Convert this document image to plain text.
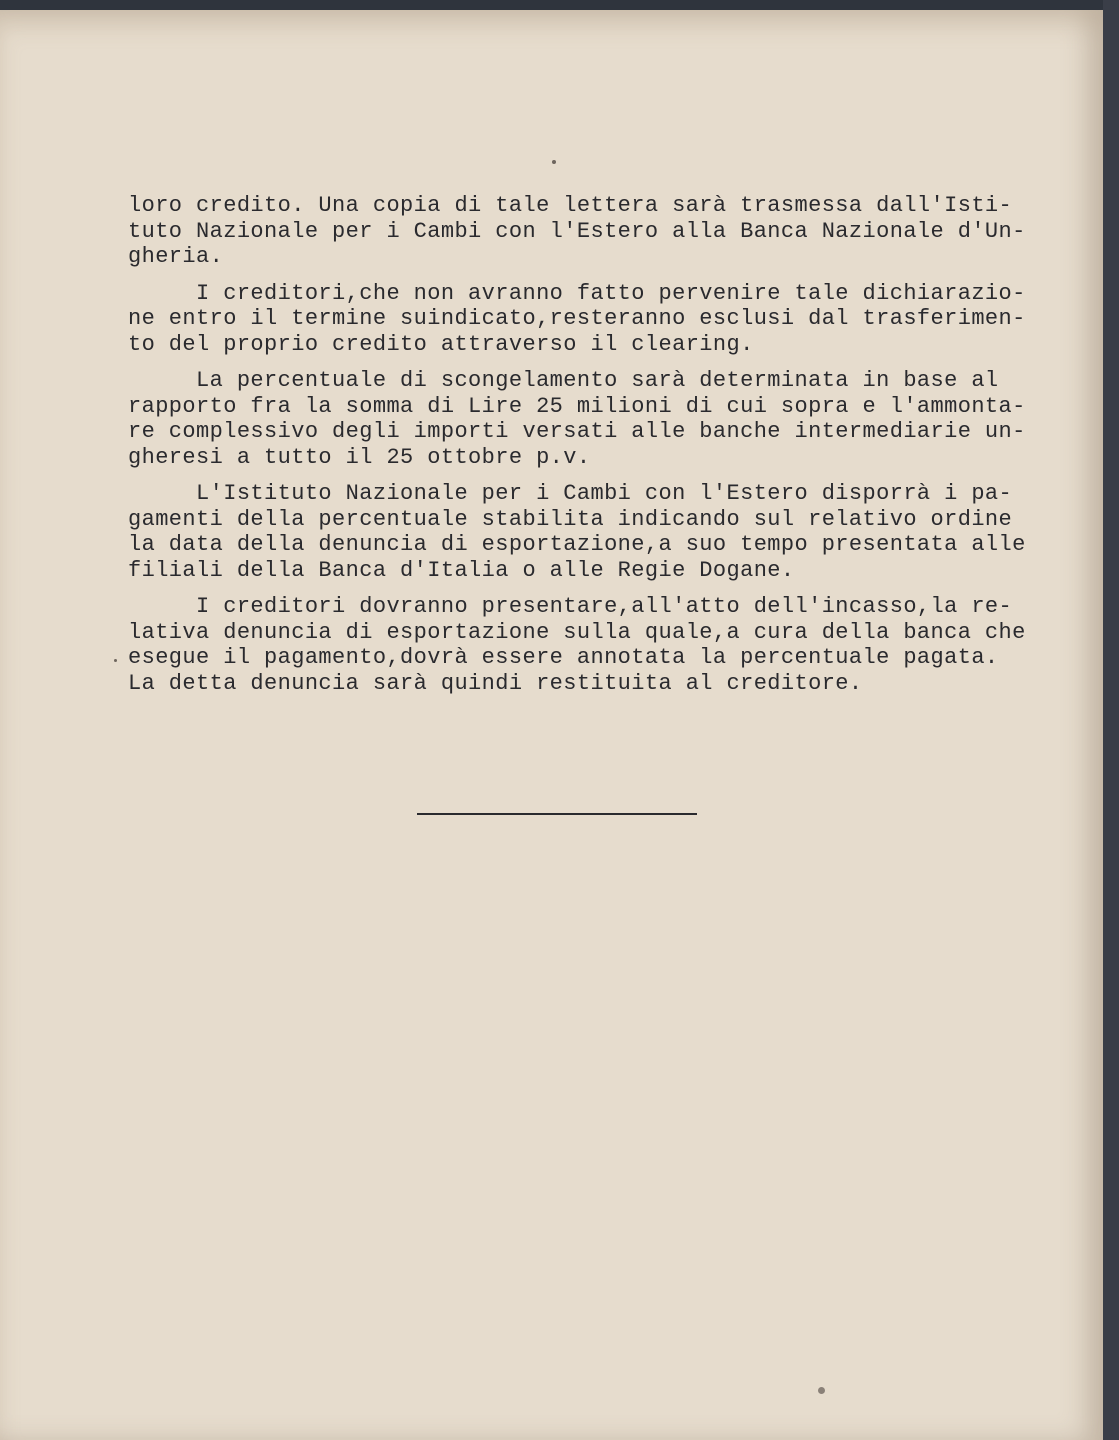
loro credito. Una copia di tale lettera sarà trasmessa dall'Isti-
tuto Nazionale per i Cambi con l'Estero alla Banca Nazionale d'Un-
gheria.
I creditori,che non avranno fatto pervenire tale dichiarazio-
ne entro il termine suindicato,resteranno esclusi dal trasferimen-
to del proprio credito attraverso il clearing.
La percentuale di scongelamento sarà determinata in base al
rapporto fra la somma di Lire 25 milioni di cui sopra e l'ammonta-
re complessivo degli importi versati alle banche intermediarie un-
gheresi a tutto il 25 ottobre p.v.
L'Istituto Nazionale per i Cambi con l'Estero disporrà i pa-
gamenti della percentuale stabilita indicando sul relativo ordine
la data della denuncia di esportazione,a suo tempo presentata alle
filiali della Banca d'Italia o alle Regie Dogane.
I creditori dovranno presentare,all'atto dell'incasso,la re-
lativa denuncia di esportazione sulla quale,a cura della banca che
esegue il pagamento,dovrà essere annotata la percentuale pagata.
La detta denuncia sarà quindi restituita al creditore.
